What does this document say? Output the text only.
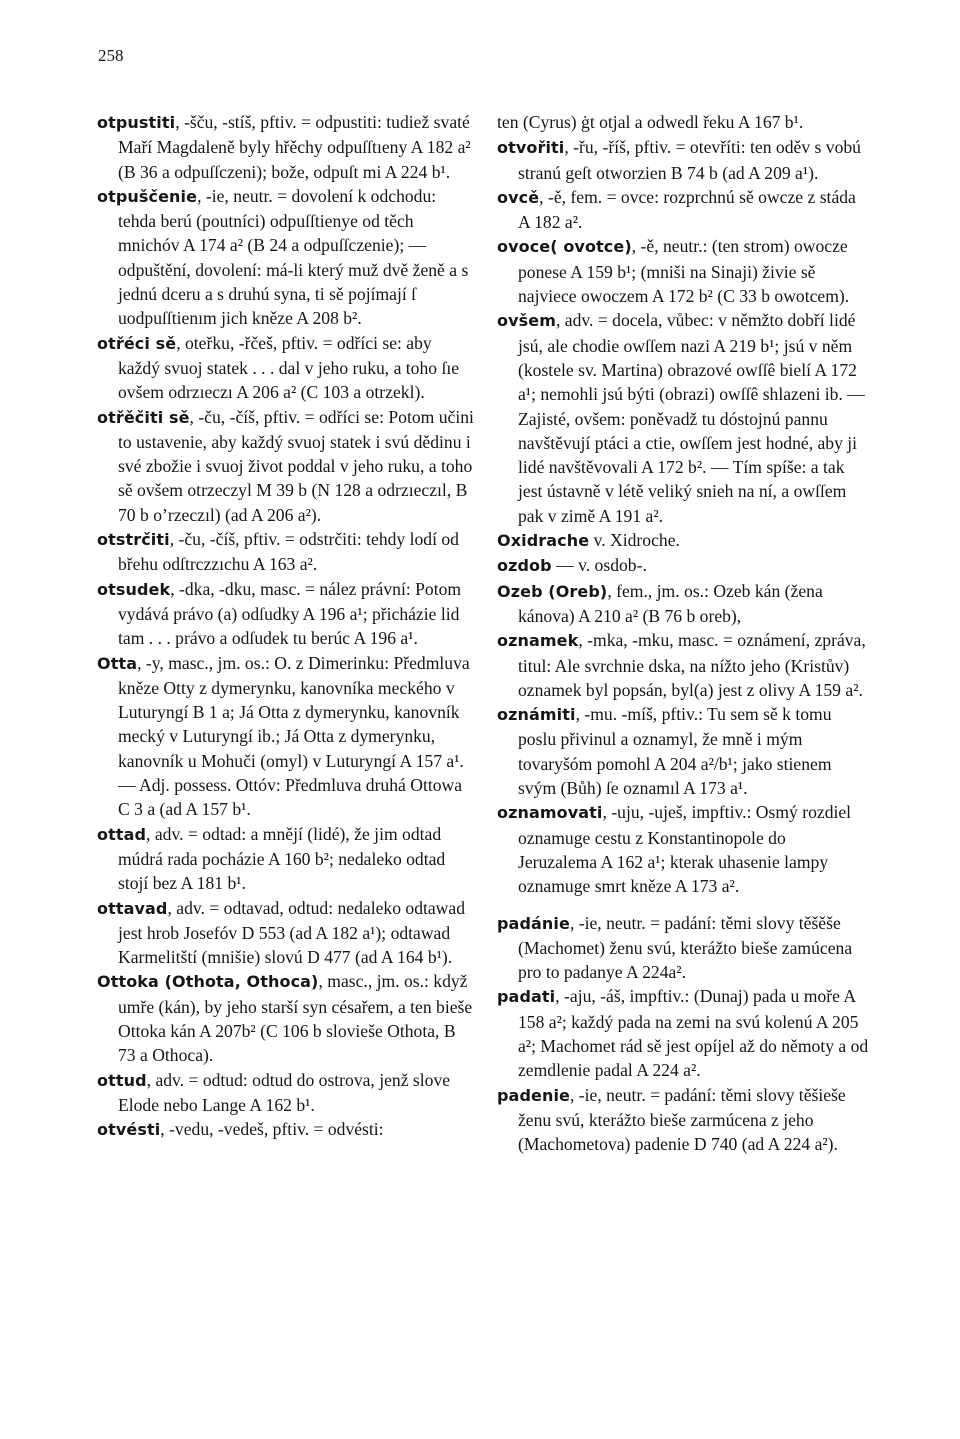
258

otpustiti, -šču, -stíš, pftiv. = odpustiti: tudiež svaté Maří Magdaleně byly hřěchy odpuſſtıeny A 182 a² (B 36 a odpuſſczeni); bože, odpuſt mi A 224 b¹.

otpuščenie, -ie, neutr. = dovolení k odchodu: tehda berú (poutníci) odpuſſtienye od těch mnichóv A 174 a² (B 24 a odpuſſczenie); — odpuštění, dovolení: má-li který muž dvě ženě a s jednú dceru a s druhú syna, ti sě pojímají ſ uodpuſſtienım jich kněze A 208 b².

otřéci sě, oteřku, -řčeš, pftiv. = odříci se: aby každý svuoj statek . . . dal v jeho ruku, a toho ſıe ovšem odrzıeczı A 206 a² (C 103 a otrzekl).

otřěčiti sě, -ču, -číš, pftiv. = odříci se: Potom učini to ustavenie, aby každý svuoj statek i svú dědinu i své zbožie i svuoj život poddal v jeho ruku, a toho sě ovšem otrzeczyl M 39 b (N 128 a odrzıeczıl, B 70 b oʼrzeczıl) (ad A 206 a²).

otstrčiti, -ču, -číš, pftiv. = odstrčiti: tehdy lodí od břehu odſtrczzıchu A 163 a².

otsudek, -dka, -dku, masc. = nález právní: Potom vydává právo (a) odſudky A 196 a¹; přicházie lid tam . . . právo a odſudek tu berúc A 196 a¹.

Otta, -y, masc., jm. os.: O. z Dimerinku: Předmluva kněze Otty z dymerynku, kanovníka meckého v Luturyngí B 1 a; Já Otta z dymerynku, kanovník mecký v Luturyngí ib.; Já Otta z dymerynku, kanovník u Mohuči (omyl) v Luturyngí A 157 a¹. — Adj. possess. Ottóv: Předmluva druhá Ottowa C 3 a (ad A 157 b¹.

ottad, adv. = odtad: a mnějí (lidé), že jim odtad múdrá rada pocházie A 160 b²; nedaleko odtad stojí bez A 181 b¹.

ottavad, adv. = odtavad, odtud: nedaleko odtawad jest hrob Josefóv D 553 (ad A 182 a¹); odtawad Karmelitští (mnišie) slovú D 477 (ad A 164 b¹).

Ottoka (Othota, Othoca), masc., jm. os.: když umře (kán), by jeho starší syn césařem, a ten bieše Ottoka kán A 207b² (C 106 b slovieše Othota, B 73 a Othoca).

ottud, adv. = odtud: odtud do ostrova, jenž slove Elode nebo Lange A 162 b¹.

otvésti, -vedu, -vedeš, pftiv. = odvésti:

ten (Cyrus) ġt otjal a odwedl řeku A 167 b¹.

otvořiti, -řu, -říš, pftiv. = otevříti: ten oděv s vobú stranú geſt otworzien B 74 b (ad A 209 a¹).

ovcě, -ě, fem. = ovce: rozprchnú sě owcze z stáda A 182 a².

ovoce( ovotce), -ě, neutr.: (ten strom) owocze ponese A 159 b¹; (mniši na Sinaji) živie sě najviece owoczem A 172 b² (C 33 b owotcem).

ovšem, adv. = docela, vůbec: v němžto dobří lidé jsú, ale chodie owſſem nazi A 219 b¹; jsú v něm (kostele sv. Martina) obrazové owſſê bielí A 172 a¹; nemohli jsú býti (obrazi) owſſê shlazeni ib. — Zajisté, ovšem: poněvadž tu dóstojnú pannu navštěvují ptáci a ctie, owſſem jest hodné, aby ji lidé navštěvovali A 172 b². — Tím spíše: a tak jest ústavně v létě veliký snieh na ní, a owſſem pak v zimě A 191 a².

Oxidrache v. Xidroche.

ozdob — v. osdob-.

Ozeb (Oreb), fem., jm. os.: Ozeb kán (žena kánova) A 210 a² (B 76 b oreb),

oznamek, -mka, -mku, masc. = oznámení, zpráva, titul: Ale svrchnie dska, na nížto jeho (Kristův) oznamek byl popsán, byl(a) jest z olivy A 159 a².

oznámiti, -mu. -míš, pftiv.: Tu sem sě k tomu poslu přivinul a oznamyl, že mně i mým tovaryšóm pomohl A 204 a²/b¹; jako stienem svým (Bůh) ſe oznamıl A 173 a¹.

oznamovati, -uju, -uješ, impftiv.: Osmý rozdiel oznamuge cestu z Konstantinopole do Jeruzalema A 162 a¹; kterak uhasenie lampy oznamuge smrt kněze A 173 a².

padánie, -ie, neutr. = padání: těmi slovy těšěše (Machomet) ženu svú, kterážto bieše zamúcena pro to padanye A 224a².

padati, -aju, -áš, impftiv.: (Dunaj) pada u moře A 158 a²; každý pada na zemi na svú kolenú A 205 a²; Machomet rád sě jest opíjel až do němoty a od zemdlenie padal A 224 a².

padenie, -ie, neutr. = padání: těmi slovy těšieše ženu svú, kterážto bieše zarmúcena z jeho (Machometova) padenie D 740 (ad A 224 a²).
